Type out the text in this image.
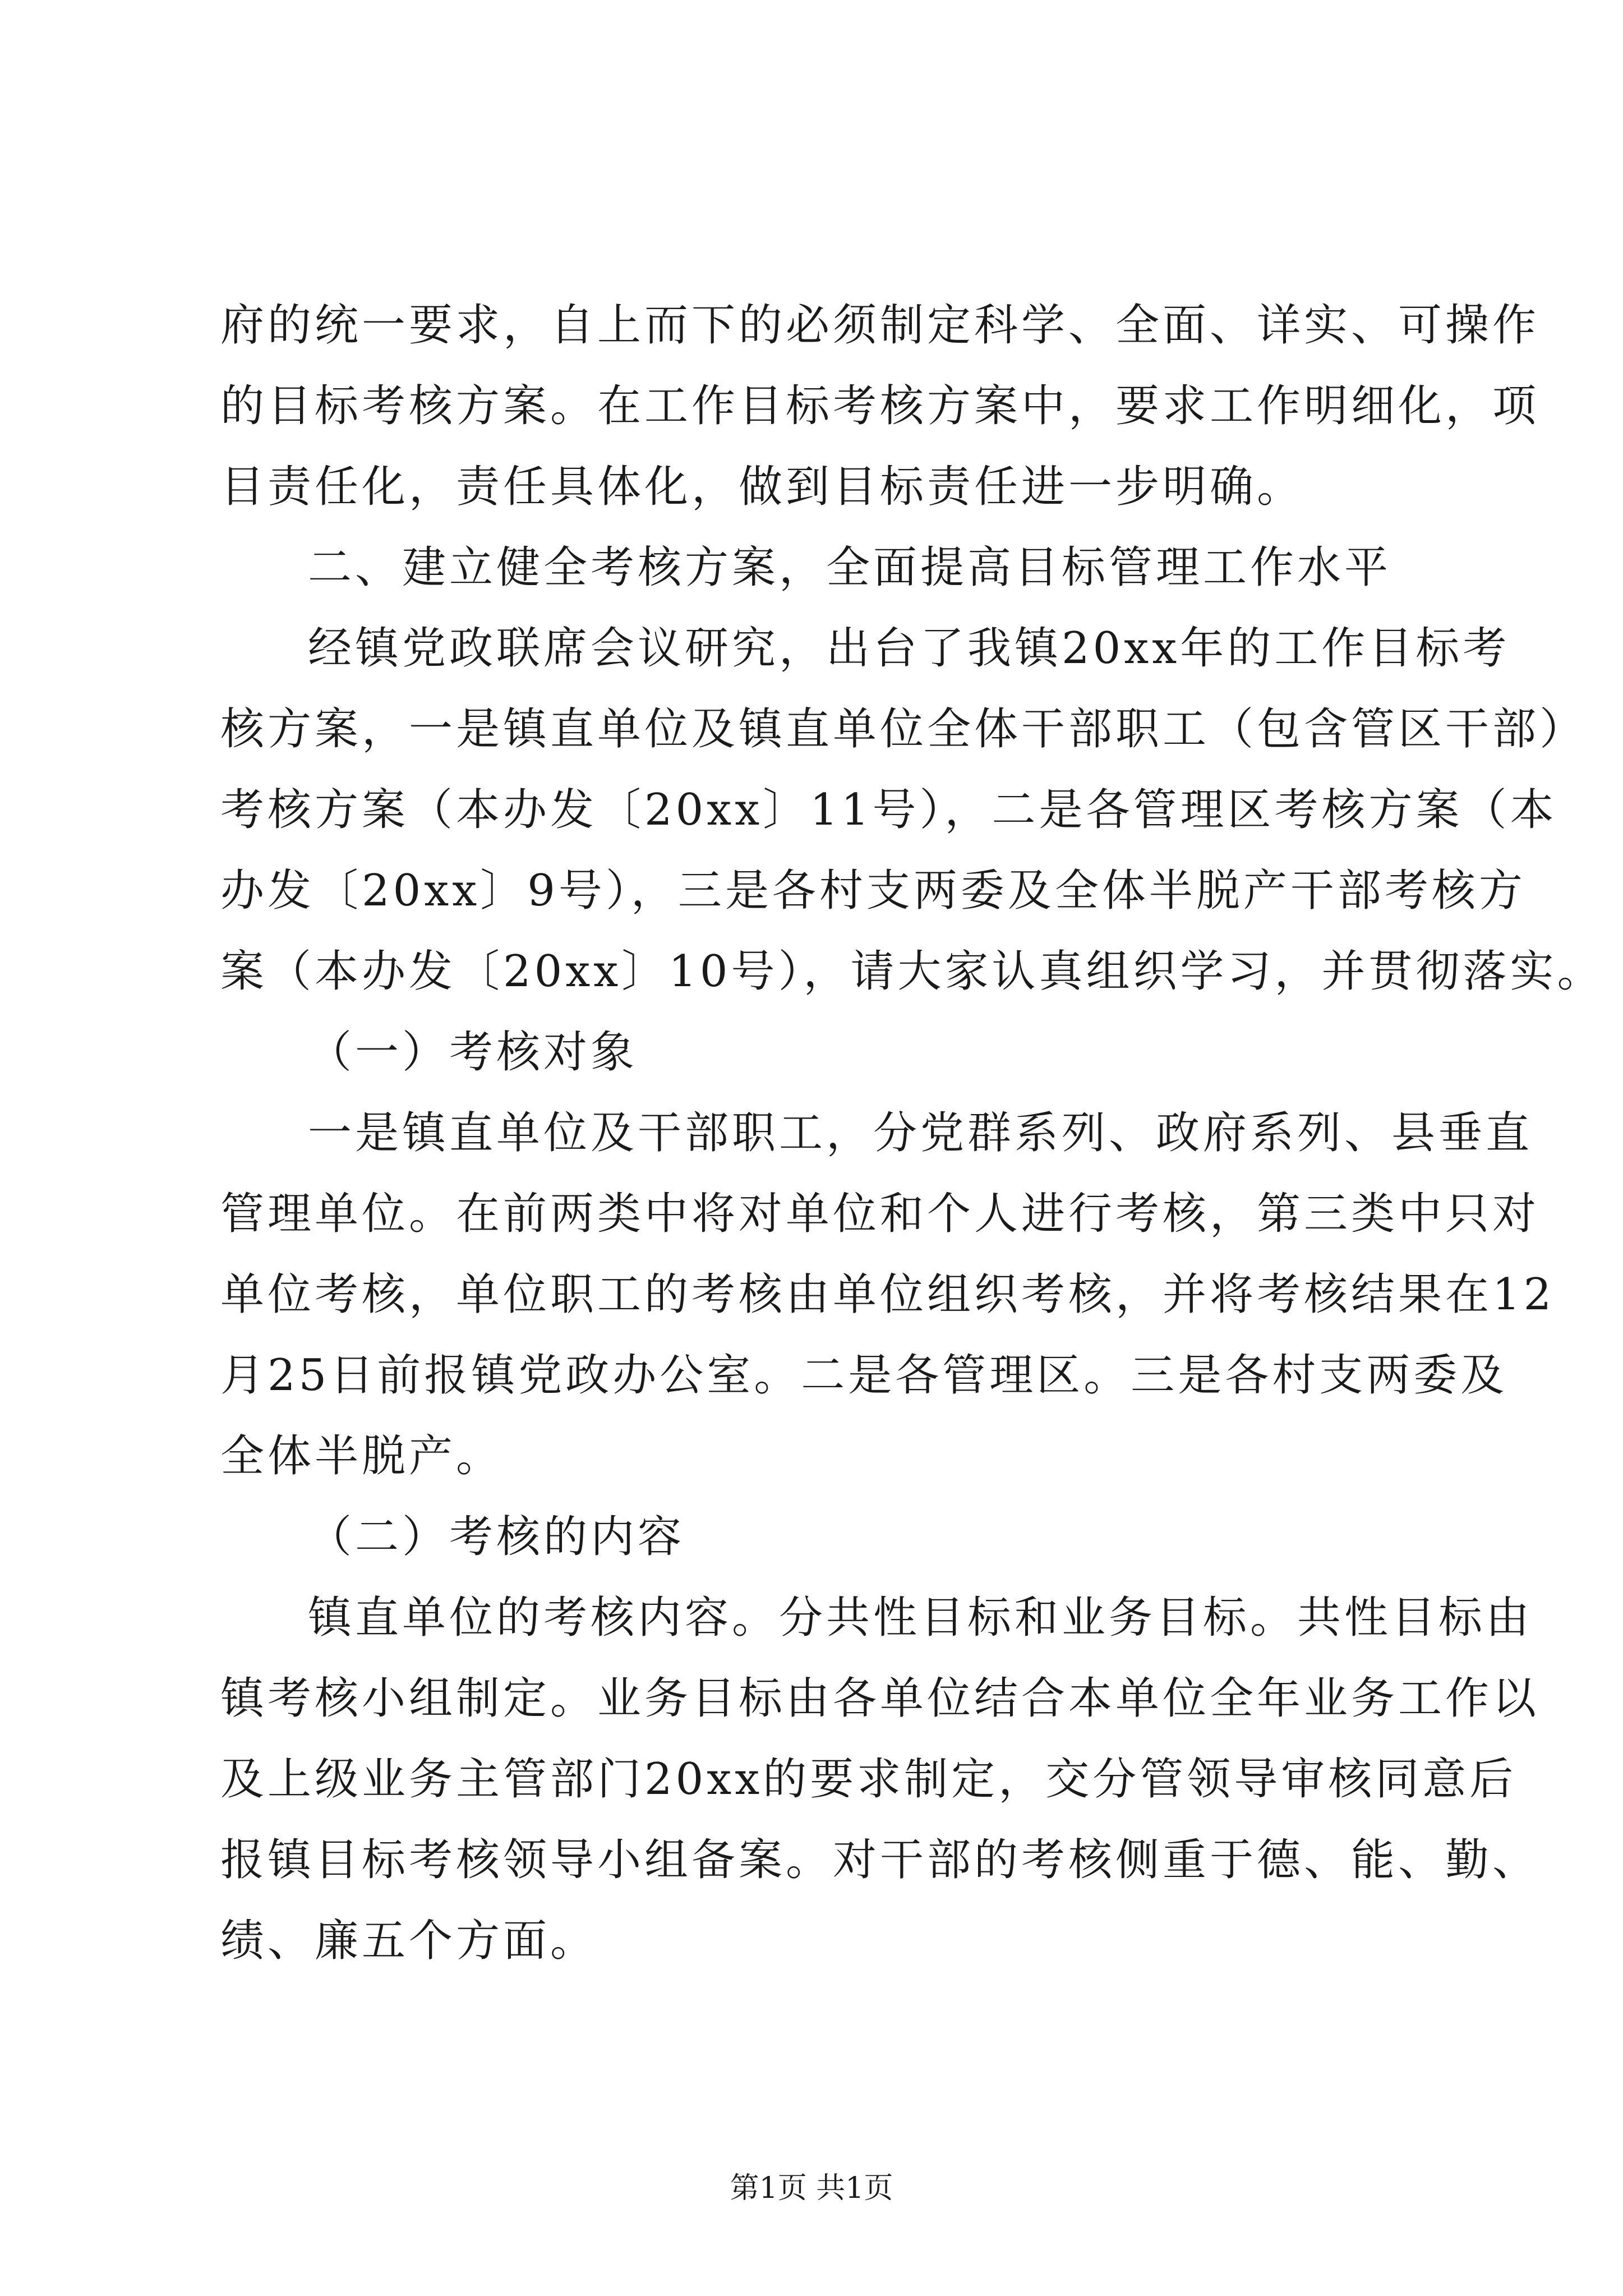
府的统一要求，自上而下的必须制定科学、全面、详实、可操作
的目标考核方案。在工作目标考核方案中，要求工作明细化，项
目责任化，责任具体化，做到目标责任进一步明确。
二、建立健全考核方案，全面提高目标管理工作水平
经镇党政联席会议研究，出台了我镇20xx年的工作目标考
核方案，一是镇直单位及镇直单位全体干部职工（包含管区干部）
考核方案（本办发〔20xx〕11号），二是各管理区考核方案（本
办发〔20xx〕9号），三是各村支两委及全体半脱产干部考核方
案（本办发〔20xx〕10号），请大家认真组织学习，并贯彻落实。
（一）考核对象
一是镇直单位及干部职工，分党群系列、政府系列、县垂直
管理单位。在前两类中将对单位和个人进行考核，第三类中只对
单位考核，单位职工的考核由单位组织考核，并将考核结果在12
月25日前报镇党政办公室。二是各管理区。三是各村支两委及
全体半脱产。
（二）考核的内容
镇直单位的考核内容。分共性目标和业务目标。共性目标由
镇考核小组制定。业务目标由各单位结合本单位全年业务工作以
及上级业务主管部门20xx的要求制定，交分管领导审核同意后
报镇目标考核领导小组备案。对干部的考核侧重于德、能、勤、
绩、廉五个方面。
第1页 共1页
